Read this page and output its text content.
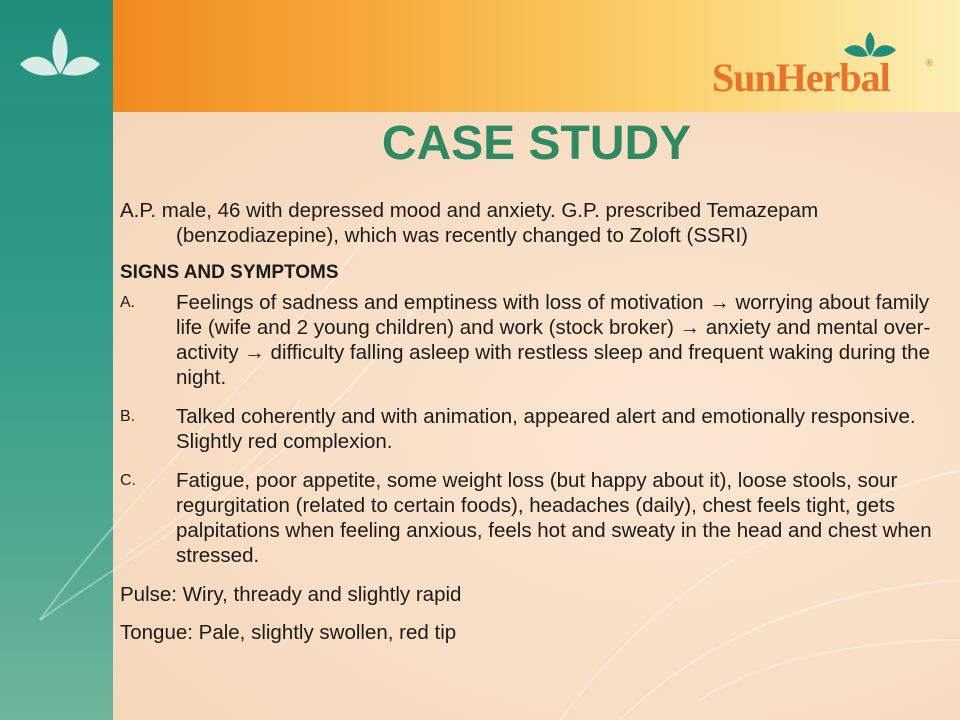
SunHerbal	®
CASE STUDY

A.P. male, 46 with depressed mood and anxiety. G.P. prescribed Temazepam (benzodiazepine), which was recently changed to Zoloft (SSRI)

SIGNS AND SYMPTOMS

A.	Feelings of sadness and emptiness with loss of motivation → worrying about family life (wife and 2 young children) and work (stock broker) → anxiety and mental over-activity → difficulty falling asleep with restless sleep and frequent waking during the night.
B.	Talked coherently and with animation, appeared alert and emotionally responsive. Slightly red complexion.
C.	Fatigue, poor appetite, some weight loss (but happy about it), loose stools, sour regurgitation (related to certain foods), headaches (daily), chest feels tight, gets palpitations when feeling anxious, feels hot and sweaty in the head and chest when stressed.

Pulse: Wiry, thready and slightly rapid

Tongue: Pale, slightly swollen, red tip
